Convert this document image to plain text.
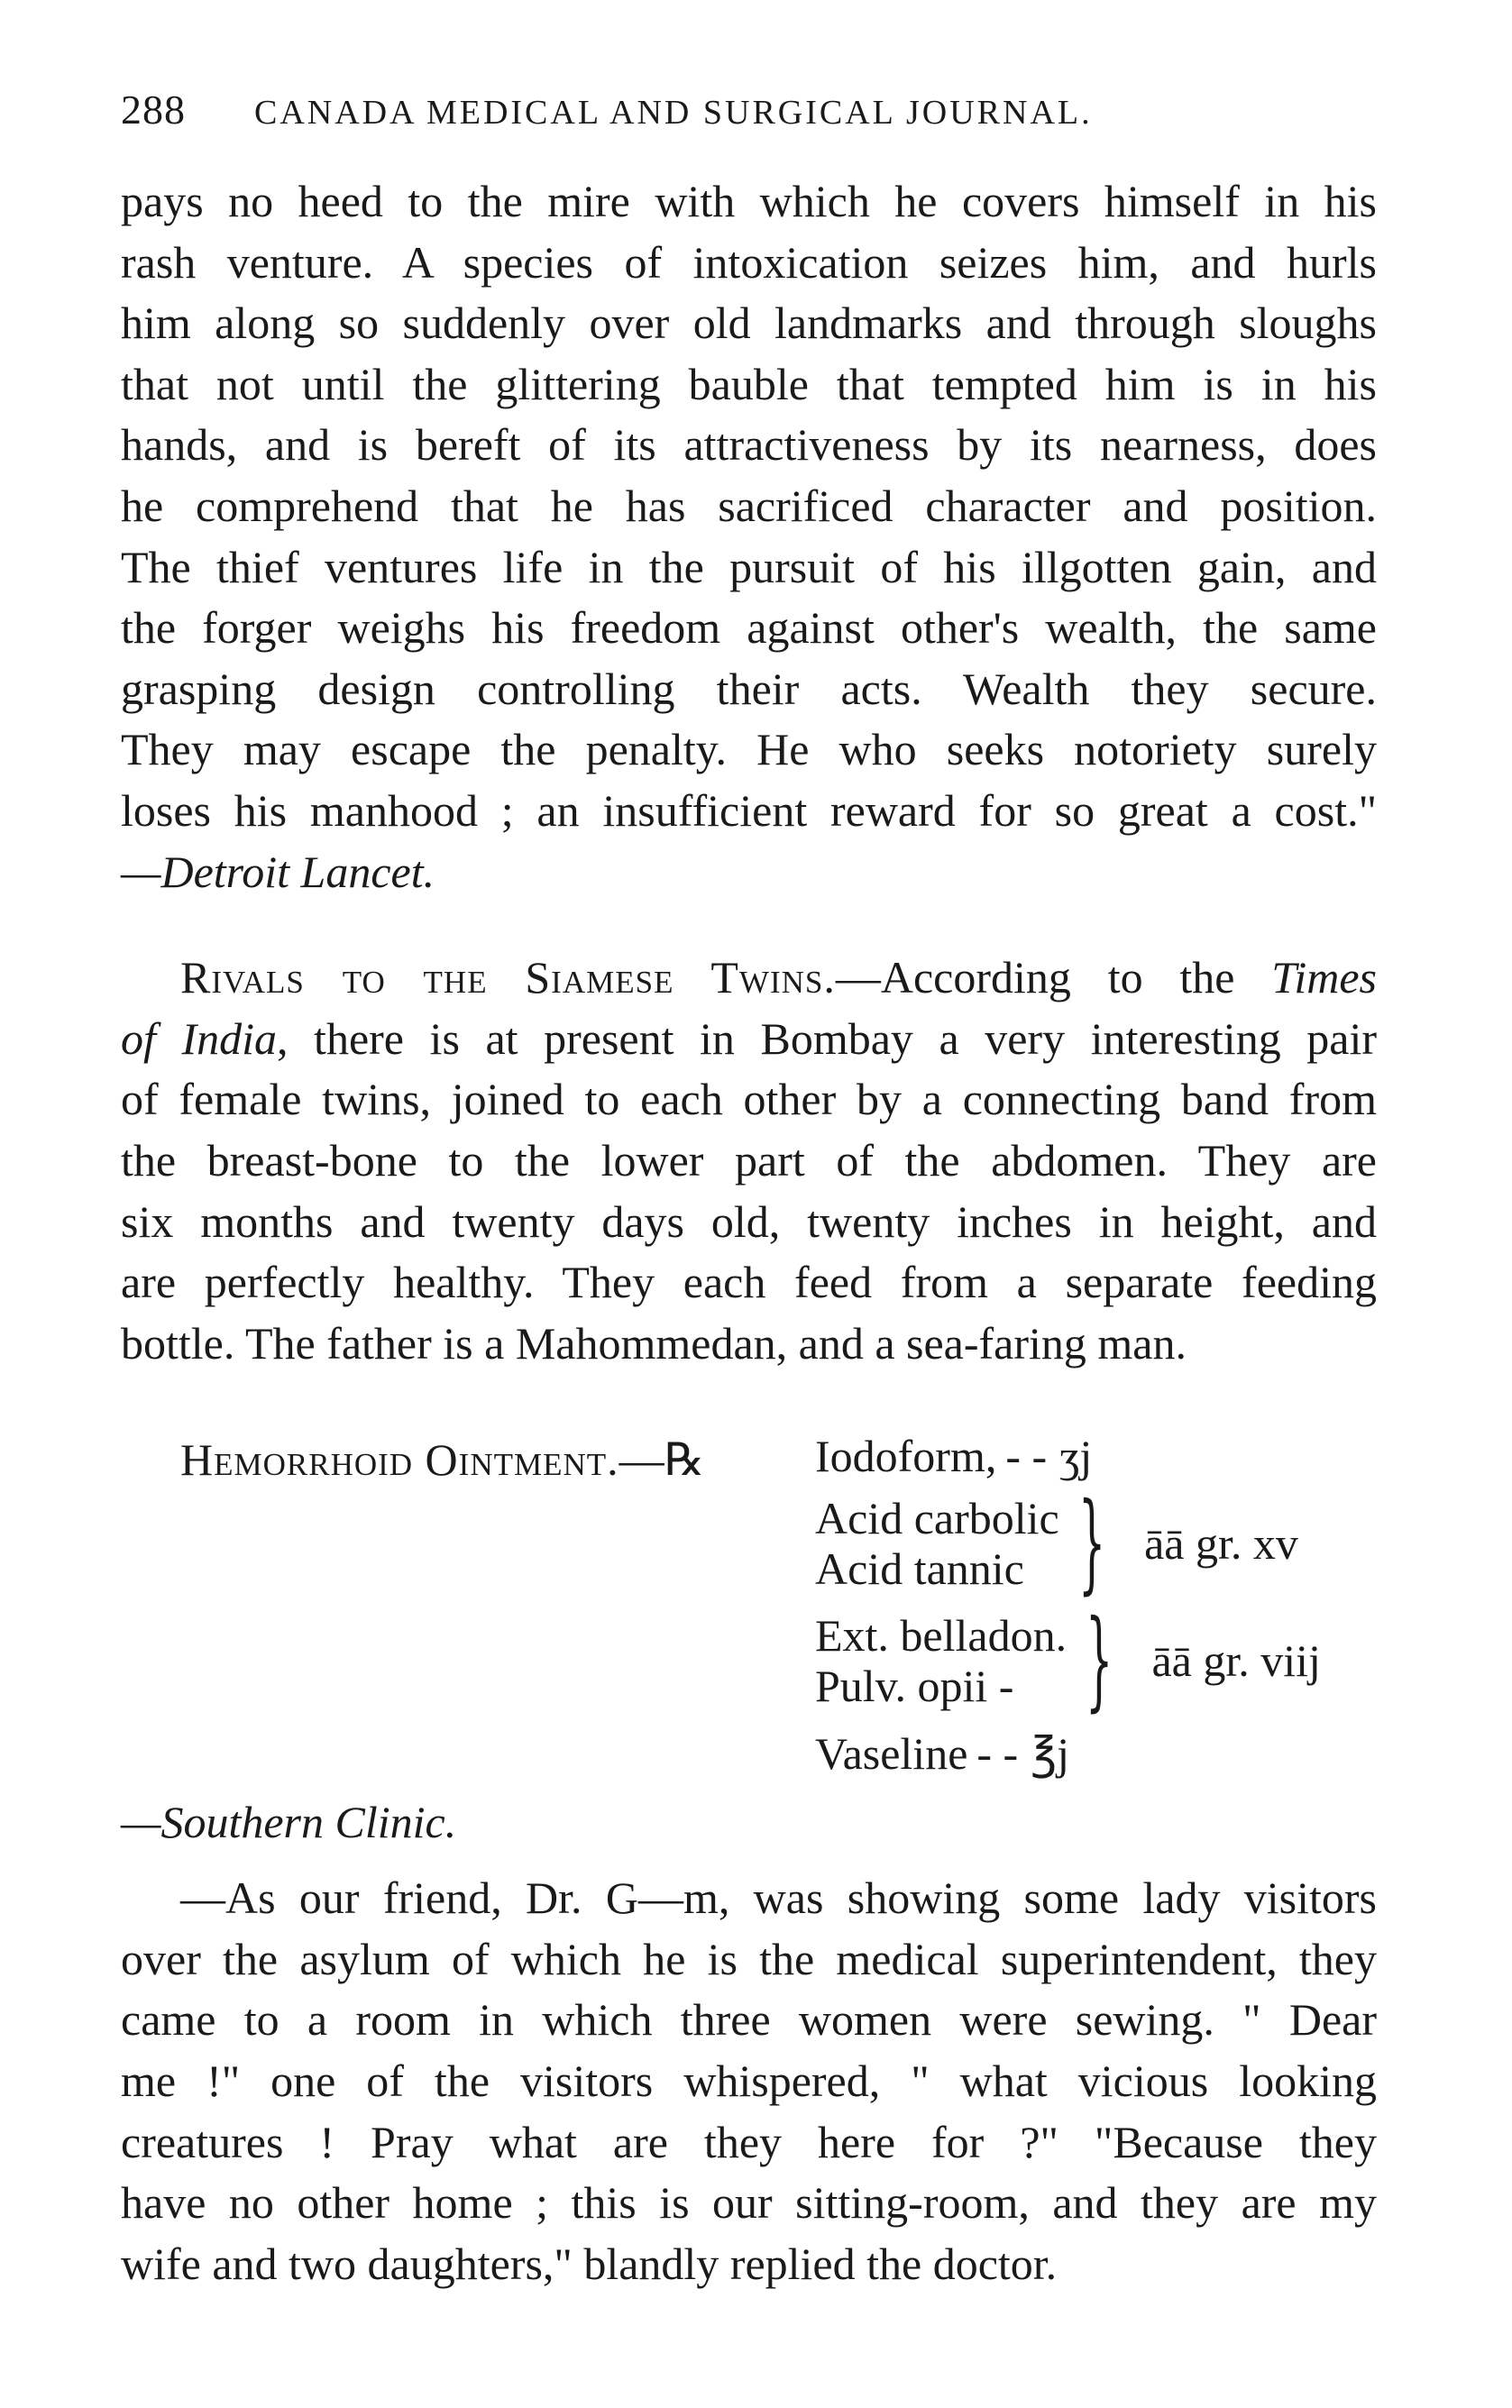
288	CANADA MEDICAL AND SURGICAL JOURNAL.
pays no heed to the mire with which he covers himself in his
rash venture. A species of intoxication seizes him, and hurls
him along so suddenly over old landmarks and through sloughs
that not until the glittering bauble that tempted him is in his
hands, and is bereft of its attractiveness by its nearness, does
he comprehend that he has sacrificed character and position.
The thief ventures life in the pursuit of his illgotten gain, and
the forger weighs his freedom against other's wealth, the same
grasping design controlling their acts. Wealth they secure.
They may escape the penalty. He who seeks notoriety surely
loses his manhood ; an insufficient reward for so great a cost."
—Detroit Lancet.
Rivals to the Siamese Twins.—According to the Times
of India, there is at present in Bombay a very interesting pair
of female twins, joined to each other by a connecting band from
the breast-bone to the lower part of the abdomen. They are
six months and twenty days old, twenty inches in height, and
are perfectly healthy. They each feed from a separate feeding
bottle. The father is a Mahommedan, and a sea-faring man.
Hemorrhoid Ointment.—℞ Iodoform, - - ʒj
Acid carbolic
Acid tannic } āā gr. xv
Ext. belladon.
Pulv. opii - } āā gr. viij
Vaseline - - ℥j
—Southern Clinic.
—As our friend, Dr. G—m, was showing some lady visitors
over the asylum of which he is the medical superintendent, they
came to a room in which three women were sewing. " Dear
me !" one of the visitors whispered, " what vicious looking
creatures ! Pray what are they here for ?" "Because they
have no other home ; this is our sitting-room, and they are my
wife and two daughters," blandly replied the doctor.
